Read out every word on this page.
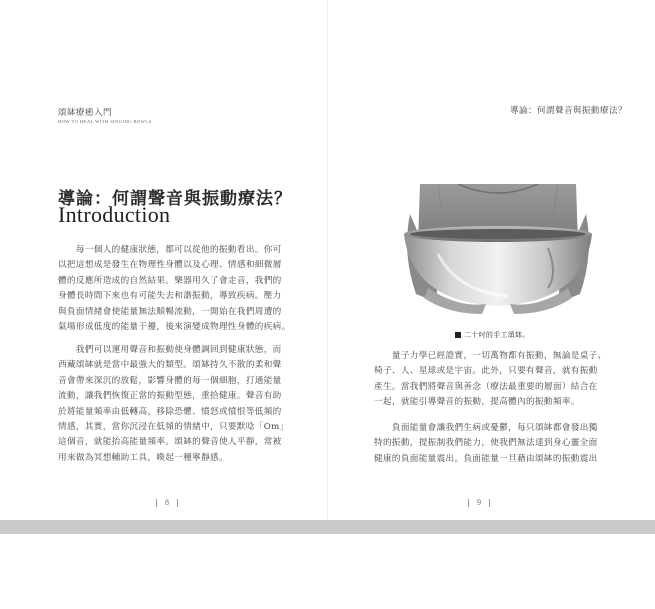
頌缽療癒入門
HOW TO HEAL WITH SINGING BOWLS
導論：何謂聲音與振動療法？
Introduction

　　每一個人的健康狀態，都可以從他的振動看出。你可
以把這想成是發生在物理性身體以及心理、情感和細微層
體的反應所造成的自然結果。樂器用久了會走音，我們的
身體長時間下來也有可能失去和諧振動，導致疾病。壓力
與負面情緒會使能量無法順暢流動，一開始在我們周遭的
氣場形成低度的能量干擾，後來演變成物理性身體的疾病。

　　我們可以運用聲音和振動使身體調回到健康狀態，而
西藏頌缽就是當中最強大的類型。頌缽持久不散的柔和聲
音會帶來深沉的放鬆，影響身體的每一個細胞，打通能量
流動，讓我們恢復正當的振動型態，重拾健康。聲音有助
於將能量頻率由低轉高，移除恐懼、憤怒或憤恨等低頻的
情感，其實，當你沉浸在低頻的情緒中，只要默唸「Om」
這個音，就能抬高能量頻率。頌缽的聲音使人平靜，常被
用來做為冥想輔助工具，喚起一種寧靜感。

8
導論：何謂聲音與振動療法？
二十吋的手工頌缽。

　　量子力學已經證實，一切萬物都有振動，無論是桌子、
椅子、人、星球或是宇宙。此外，只要有聲音，就有振動
產生。當我們將聲音與善念（療法最重要的層面）結合在
一起，就能引導聲音的振動，提高體內的振動頻率。

　　負面能量會讓我們生病或憂鬱，每只頌缽都會發出獨
特的振動，提振制我們能力，使我們無法達到身心靈全面
健康的負面能量震出。負面能量一旦藉由頌缽的振動震出

9
